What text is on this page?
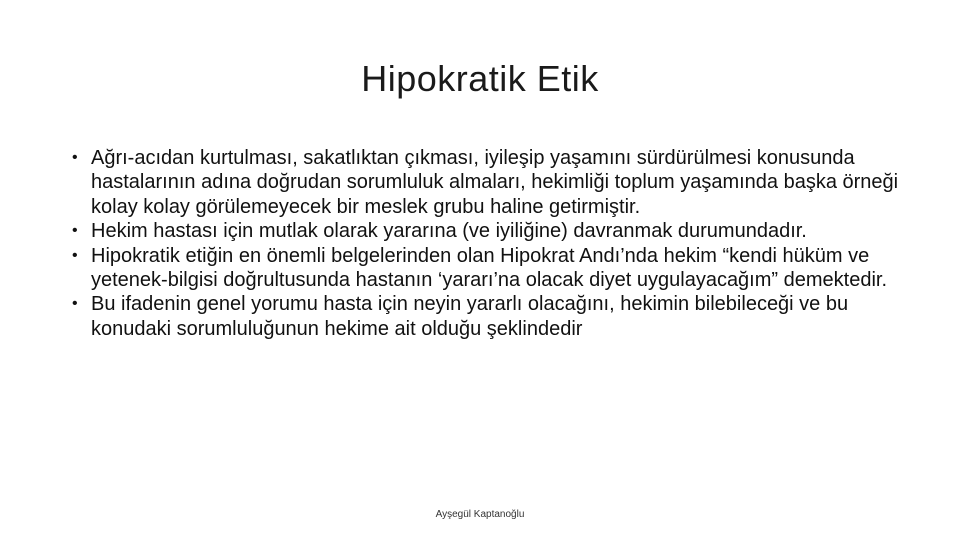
Hipokratik Etik
• Ağrı-acıdan kurtulması, sakatlıktan çıkması, iyileşip yaşamını sürdürülmesi konusunda hastalarının adına doğrudan sorumluluk almaları, hekimliği toplum yaşamında başka örneği kolay kolay görülemeyecek bir meslek grubu haline getirmiştir.
• Hekim hastası için mutlak olarak yararına (ve iyiliğine) davranmak durumundadır.
• Hipokratik etiğin en önemli belgelerinden olan Hipokrat Andı’nda hekim “kendi hüküm ve yetenek-bilgisi doğrultusunda hastanın ‘yararı’na olacak diyet uygulayacağım” demektedir.
• Bu ifadenin genel yorumu hasta için neyin yararlı olacağını, hekimin bilebileceği ve bu konudaki sorumluluğunun hekime ait olduğu şeklindedir
Ayşegül Kaptanoğlu
